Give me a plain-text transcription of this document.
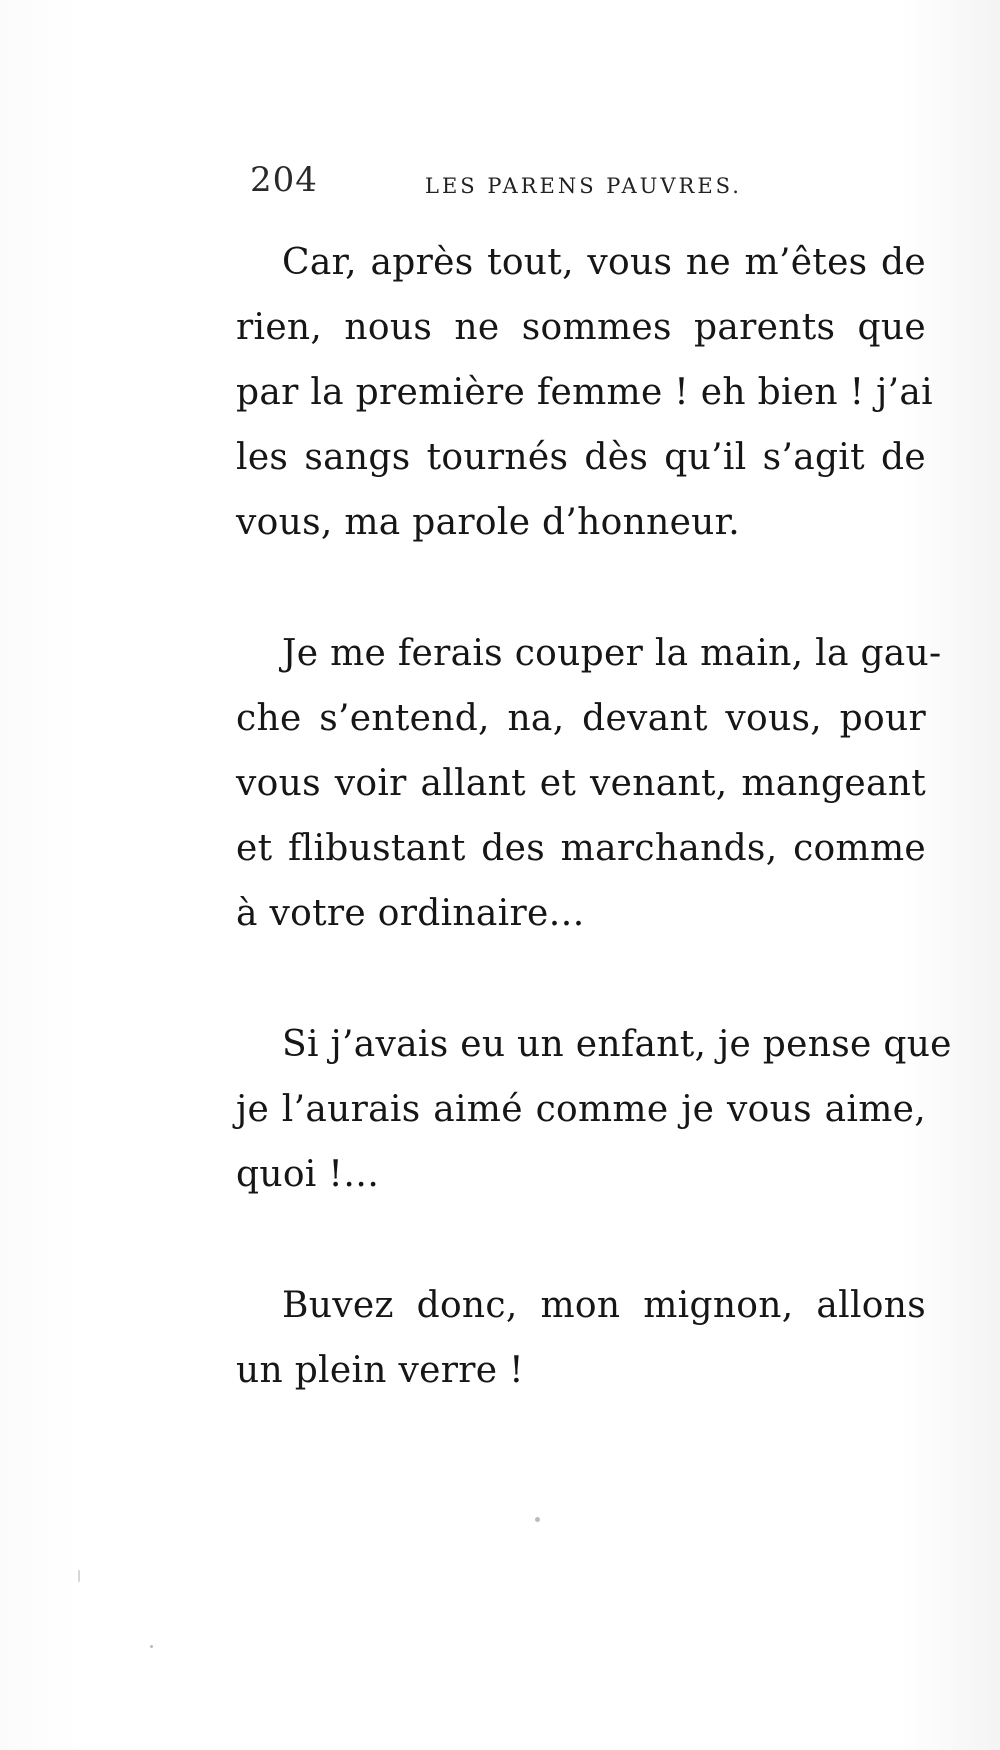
204	LES PARENS PAUVRES.
Car, après tout, vous ne m’êtes de
rien, nous ne sommes parents que
par la première femme ! eh bien ! j’ai
les sangs tournés dès qu’il s’agit de
vous, ma parole d’honneur.
Je me ferais couper la main, la gau-
che s’entend, na, devant vous, pour
vous voir allant et venant, mangeant
et flibustant des marchands, comme
à votre ordinaire…
Si j’avais eu un enfant, je pense que
je l’aurais aimé comme je vous aime,
quoi !…
Buvez donc, mon mignon, allons
un plein verre !
